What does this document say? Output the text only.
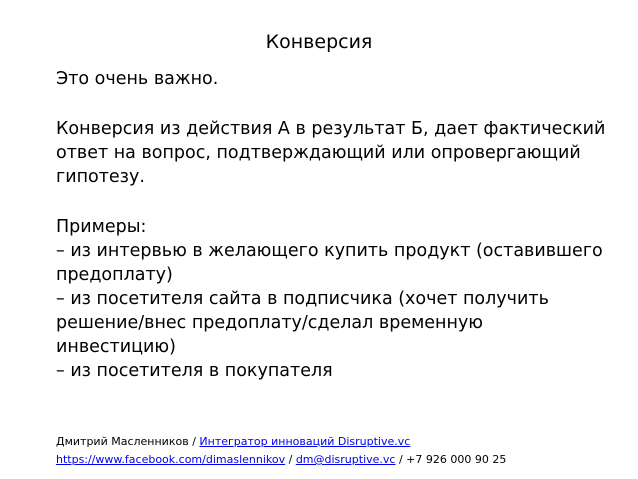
Конверсия

Это очень важно.

Конверсия из действия А в результат Б, дает фактический

ответ на вопрос, подтверждающий или опровергающий

гипотезу.

Примеры:

– из интервью в желающего купить продукт (оставившего

предоплату)

– из посетителя сайта в подписчика (хочет получить

решение/внес предоплату/сделал временную

инвестицию)

– из посетителя в покупателя

Дмитрий Масленников / Интегратор инноваций Disruptive.vc
https://www.facebook.com/dimaslennikov / dm@disruptive.vc / +7 926 000 90 25
